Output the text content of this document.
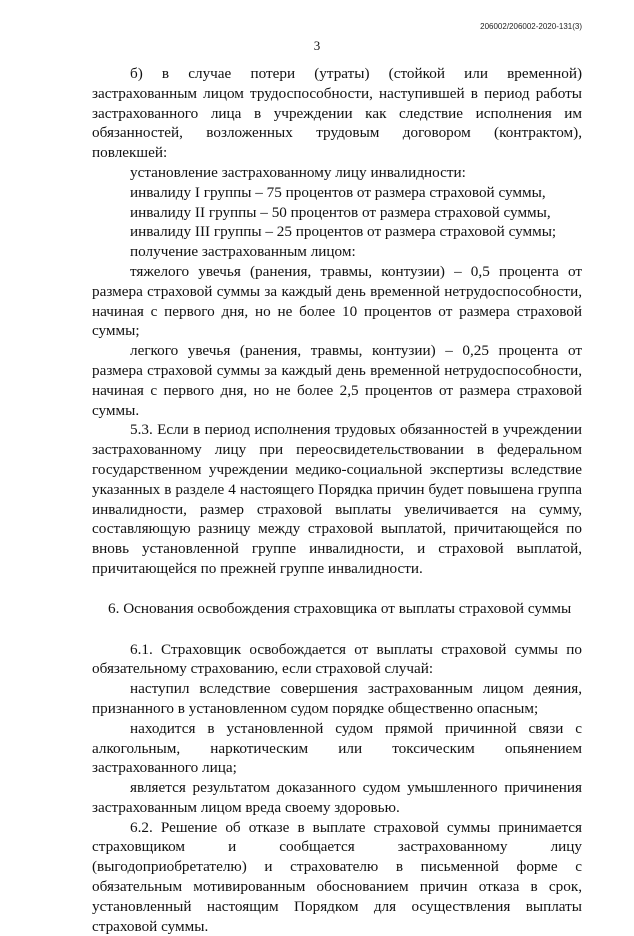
206002/206002-2020-131(3)
3

б) в случае потери (утраты) (стойкой или временной) застрахованным лицом трудоспособности, наступившей в период работы застрахованного лица в учреждении как следствие исполнения им обязанностей, возложенных трудовым договором (контрактом), повлекшей:

установление застрахованному лицу инвалидности:

инвалиду I группы – 75 процентов от размера страховой суммы,

инвалиду II группы – 50 процентов от размера страховой суммы,

инвалиду III группы – 25 процентов от размера страховой суммы;

получение застрахованным лицом:

тяжелого увечья (ранения, травмы, контузии) – 0,5 процента от размера страховой суммы за каждый день временной нетрудоспособности, начиная с первого дня, но не более 10 процентов от размера страховой суммы;

легкого увечья (ранения, травмы, контузии) – 0,25 процента от размера страховой суммы за каждый день временной нетрудоспособности, начиная с первого дня, но не более 2,5 процентов от размера страховой суммы.

5.3. Если в период исполнения трудовых обязанностей в учреждении застрахованному лицу при переосвидетельствовании в федеральном государственном учреждении медико-социальной экспертизы вследствие указанных в разделе 4 настоящего Порядка причин будет повышена группа инвалидности, размер страховой выплаты увеличивается на сумму, составляющую разницу между страховой выплатой, причитающейся по вновь установленной группе инвалидности, и страховой выплатой, причитающейся по прежней группе инвалидности.

6. Основания освобождения страховщика от выплаты страховой суммы

6.1. Страховщик освобождается от выплаты страховой суммы по обязательному страхованию, если страховой случай:

наступил вследствие совершения застрахованным лицом деяния, признанного в установленном судом порядке общественно опасным;

находится в установленной судом прямой причинной связи с алкогольным, наркотическим или токсическим опьянением застрахованного лица;

является результатом доказанного судом умышленного причинения застрахованным лицом вреда своему здоровью.

6.2. Решение об отказе в выплате страховой суммы принимается страховщиком и сообщается застрахованному лицу (выгодоприобретателю) и страхователю в письменной форме с обязательным мотивированным обоснованием причин отказа в срок, установленный настоящим Порядком для осуществления выплаты страховой суммы.
